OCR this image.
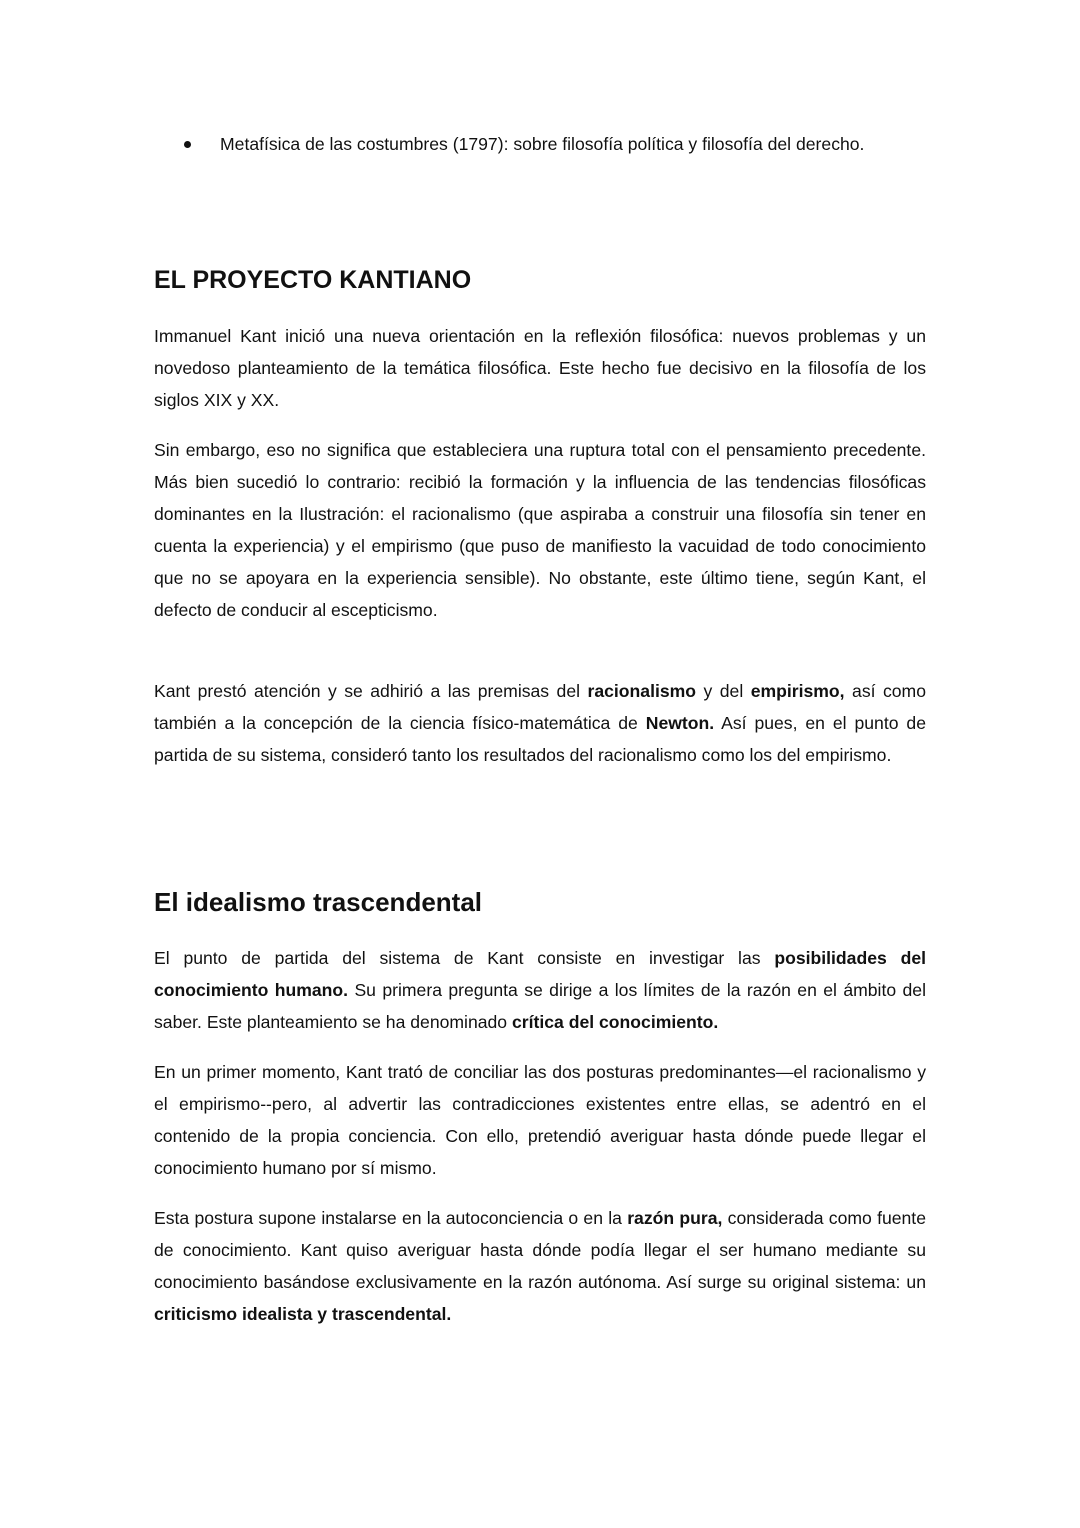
Metafísica de las costumbres (1797): sobre filosofía política y filosofía del derecho.
EL PROYECTO KANTIANO
Immanuel Kant inició una nueva orientación en la reflexión filosófica: nuevos problemas y un novedoso planteamiento de la temática filosófica. Este hecho fue decisivo en la filosofía de los siglos XIX y XX.
Sin embargo, eso no significa que estableciera una ruptura total con el pensamiento precedente. Más bien sucedió lo contrario: recibió la formación y la influencia de las tendencias filosóficas dominantes en la Ilustración: el racionalismo (que aspiraba a construir una filosofía sin tener en cuenta la experiencia) y el empirismo (que puso de manifiesto la vacuidad de todo conocimiento que no se apoyara en la experiencia sensible). No obstante, este último tiene, según Kant, el defecto de conducir al escepticismo.
Kant prestó atención y se adhirió a las premisas del racionalismo y del empirismo, así como también a la concepción de la ciencia físico-matemática de Newton. Así pues, en el punto de partida de su sistema, consideró tanto los resultados del racionalismo como los del empirismo.
El idealismo trascendental
El punto de partida del sistema de Kant consiste en investigar las posibilidades del conocimiento humano. Su primera pregunta se dirige a los límites de la razón en el ámbito del saber. Este planteamiento se ha denominado crítica del conocimiento.
En un primer momento, Kant trató de conciliar las dos posturas predominantes—el racionalismo y el empirismo--pero, al advertir las contradicciones existentes entre ellas, se adentró en el contenido de la propia conciencia. Con ello, pretendió averiguar hasta dónde puede llegar el conocimiento humano por sí mismo.
Esta postura supone instalarse en la autoconciencia o en la razón pura, considerada como fuente de conocimiento. Kant quiso averiguar hasta dónde podía llegar el ser humano mediante su conocimiento basándose exclusivamente en la razón autónoma. Así surge su original sistema: un criticismo idealista y trascendental.
